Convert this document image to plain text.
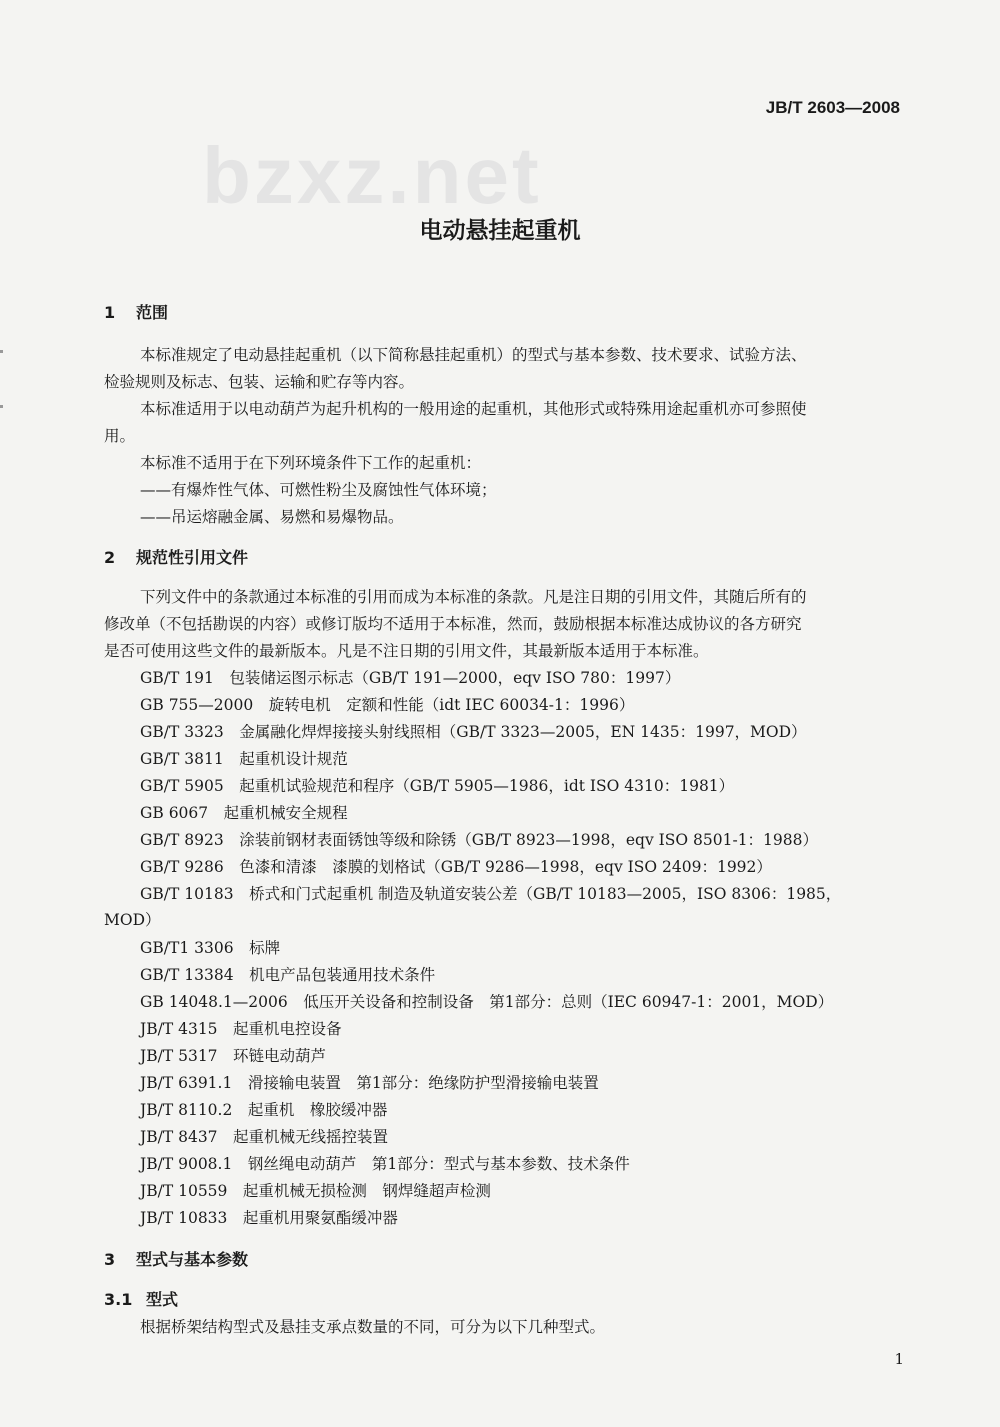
JB/T 2603—2008
bzxz.net
电动悬挂起重机
1 范围
本标准规定了电动悬挂起重机（以下简称悬挂起重机）的型式与基本参数、技术要求、试验方法、
检验规则及标志、包装、运输和贮存等内容。
本标准适用于以电动葫芦为起升机构的一般用途的起重机，其他形式或特殊用途起重机亦可参照使
用。
本标准不适用于在下列环境条件下工作的起重机：
——有爆炸性气体、可燃性粉尘及腐蚀性气体环境；
——吊运熔融金属、易燃和易爆物品。
2 规范性引用文件
下列文件中的条款通过本标准的引用而成为本标准的条款。凡是注日期的引用文件，其随后所有的
修改单（不包括勘误的内容）或修订版均不适用于本标准，然而，鼓励根据本标准达成协议的各方研究
是否可使用这些文件的最新版本。凡是不注日期的引用文件，其最新版本适用于本标准。
GB/T 191　包装储运图示标志（GB/T 191—2000，eqv ISO 780：1997）
GB 755—2000　旋转电机　定额和性能（idt IEC 60034-1：1996）
GB/T 3323　金属融化焊焊接接头射线照相（GB/T 3323—2005，EN 1435：1997，MOD）
GB/T 3811　起重机设计规范
GB/T 5905　起重机试验规范和程序（GB/T 5905—1986，idt ISO 4310：1981）
GB 6067　起重机械安全规程
GB/T 8923　涂装前钢材表面锈蚀等级和除锈（GB/T 8923—1998，eqv ISO 8501-1：1988）
GB/T 9286　色漆和清漆　漆膜的划格试（GB/T 9286—1998，eqv ISO 2409：1992）
GB/T 10183　桥式和门式起重机 制造及轨道安装公差（GB/T 10183—2005，ISO 8306：1985，
MOD）
GB/T1 3306　标牌
GB/T 13384　机电产品包装通用技术条件
GB 14048.1—2006　低压开关设备和控制设备　第1部分：总则（IEC 60947-1：2001，MOD）
JB/T 4315　起重机电控设备
JB/T 5317　环链电动葫芦
JB/T 6391.1　滑接输电装置　第1部分：绝缘防护型滑接输电装置
JB/T 8110.2　起重机　橡胶缓冲器
JB/T 8437　起重机械无线摇控装置
JB/T 9008.1　钢丝绳电动葫芦　第1部分：型式与基本参数、技术条件
JB/T 10559　起重机械无损检测　钢焊缝超声检测
JB/T 10833　起重机用聚氨酯缓冲器
3 型式与基本参数
3.1 型式
根据桥架结构型式及悬挂支承点数量的不同，可分为以下几种型式。
1
